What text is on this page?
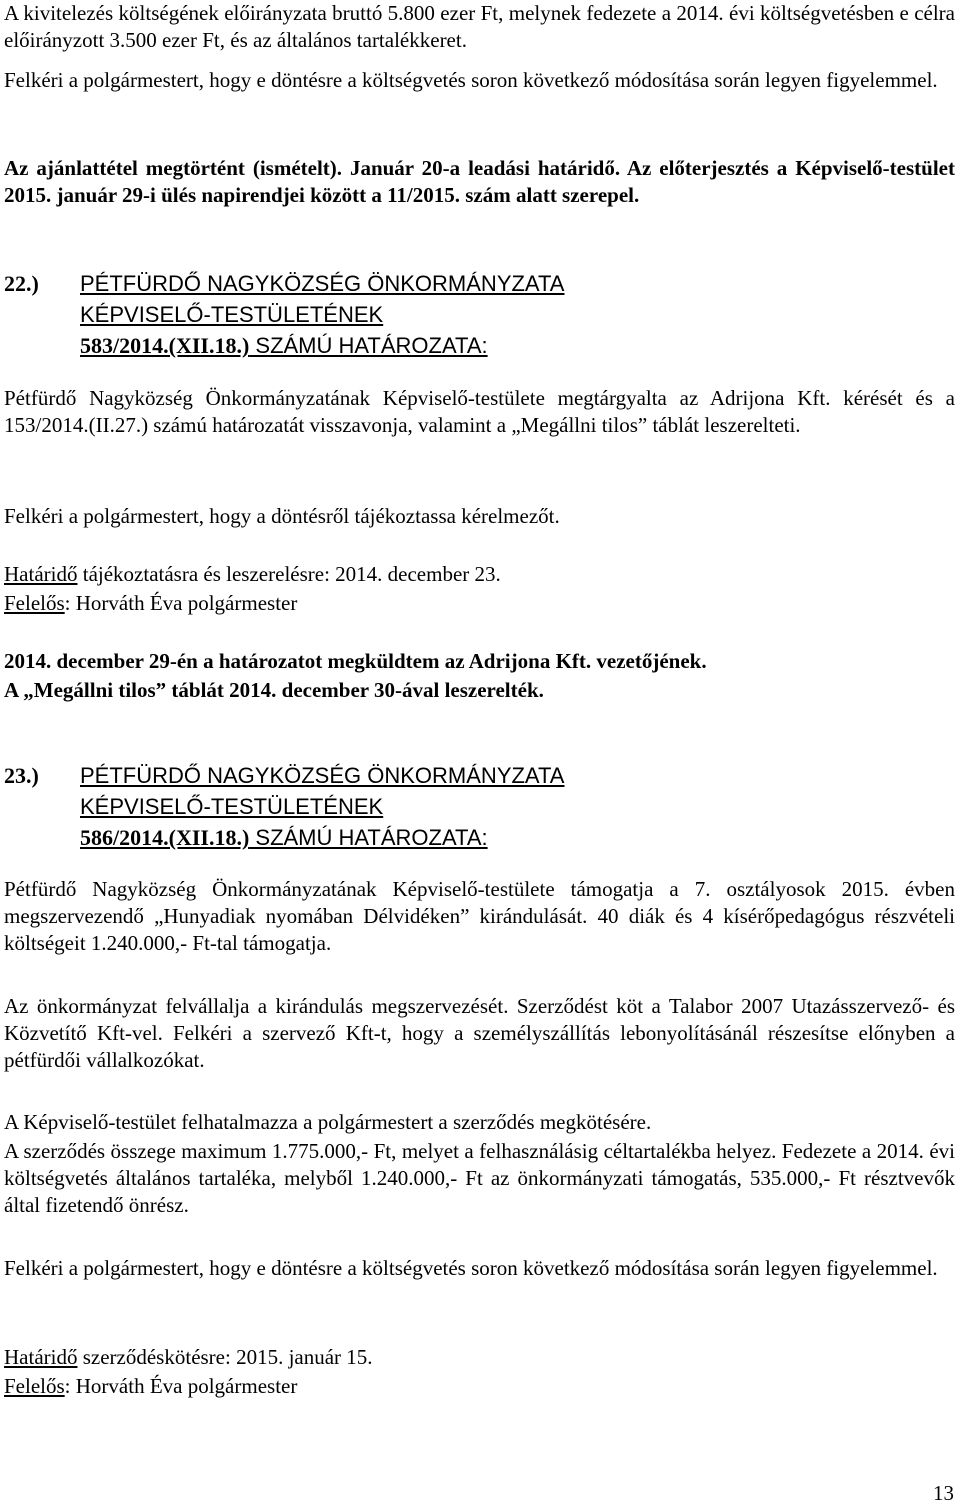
A kivitelezés költségének előirányzata bruttó 5.800 ezer Ft, melynek fedezete a 2014. évi költségvetésben e célra előirányzott 3.500 ezer Ft, és az általános tartalékkeret.

Felkéri a polgármestert, hogy e döntésre a költségvetés soron következő módosítása során legyen figyelemmel.

Az ajánlattétel megtörtént (ismételt). Január 20-a leadási határidő. Az előterjesztés a Képviselő-testület 2015. január 29-i ülés napirendjei között a 11/2015. szám alatt szerepel.

22.) PÉTFÜRDŐ NAGYKÖZSÉG ÖNKORMÁNYZATA
KÉPVISELŐ-TESTÜLETÉNEK
583/2014.(XII.18.) SZÁMÚ HATÁROZATA:

Pétfürdő Nagyközség Önkormányzatának Képviselő-testülete megtárgyalta az Adrijona Kft. kérését és a 153/2014.(II.27.) számú határozatát visszavonja, valamint a „Megállni tilos” táblát leszerelteti.

Felkéri a polgármestert, hogy a döntésről tájékoztassa kérelmezőt.

Határidő tájékoztatásra és leszerelésre: 2014. december 23.

Felelős: Horváth Éva polgármester

2014. december 29-én a határozatot megküldtem az Adrijona Kft. vezetőjének.

A „Megállni tilos” táblát 2014. december 30-ával leszerelték.

23.) PÉTFÜRDŐ NAGYKÖZSÉG ÖNKORMÁNYZATA
KÉPVISELŐ-TESTÜLETÉNEK
586/2014.(XII.18.) SZÁMÚ HATÁROZATA:

Pétfürdő Nagyközség Önkormányzatának Képviselő-testülete támogatja a 7. osztályosok 2015. évben megszervezendő „Hunyadiak nyomában Délvidéken” kirándulását. 40 diák és 4 kísérőpedagógus részvételi költségeit 1.240.000,- Ft-tal támogatja.

Az önkormányzat felvállalja a kirándulás megszervezését. Szerződést köt a Talabor 2007 Utazásszervező- és Közvetítő Kft-vel. Felkéri a szervező Kft-t, hogy a személyszállítás lebonyolításánál részesítse előnyben a pétfürdői vállalkozókat.

A Képviselő-testület felhatalmazza a polgármestert a szerződés megkötésére.

A szerződés összege maximum 1.775.000,- Ft, melyet a felhasználásig céltartalékba helyez. Fedezete a 2014. évi költségvetés általános tartaléka, melyből 1.240.000,- Ft az önkormányzati támogatás, 535.000,- Ft résztvevők által fizetendő önrész.

Felkéri a polgármestert, hogy e döntésre a költségvetés soron következő módosítása során legyen figyelemmel.

Határidő szerződéskötésre: 2015. január 15.

Felelős: Horváth Éva polgármester

13
